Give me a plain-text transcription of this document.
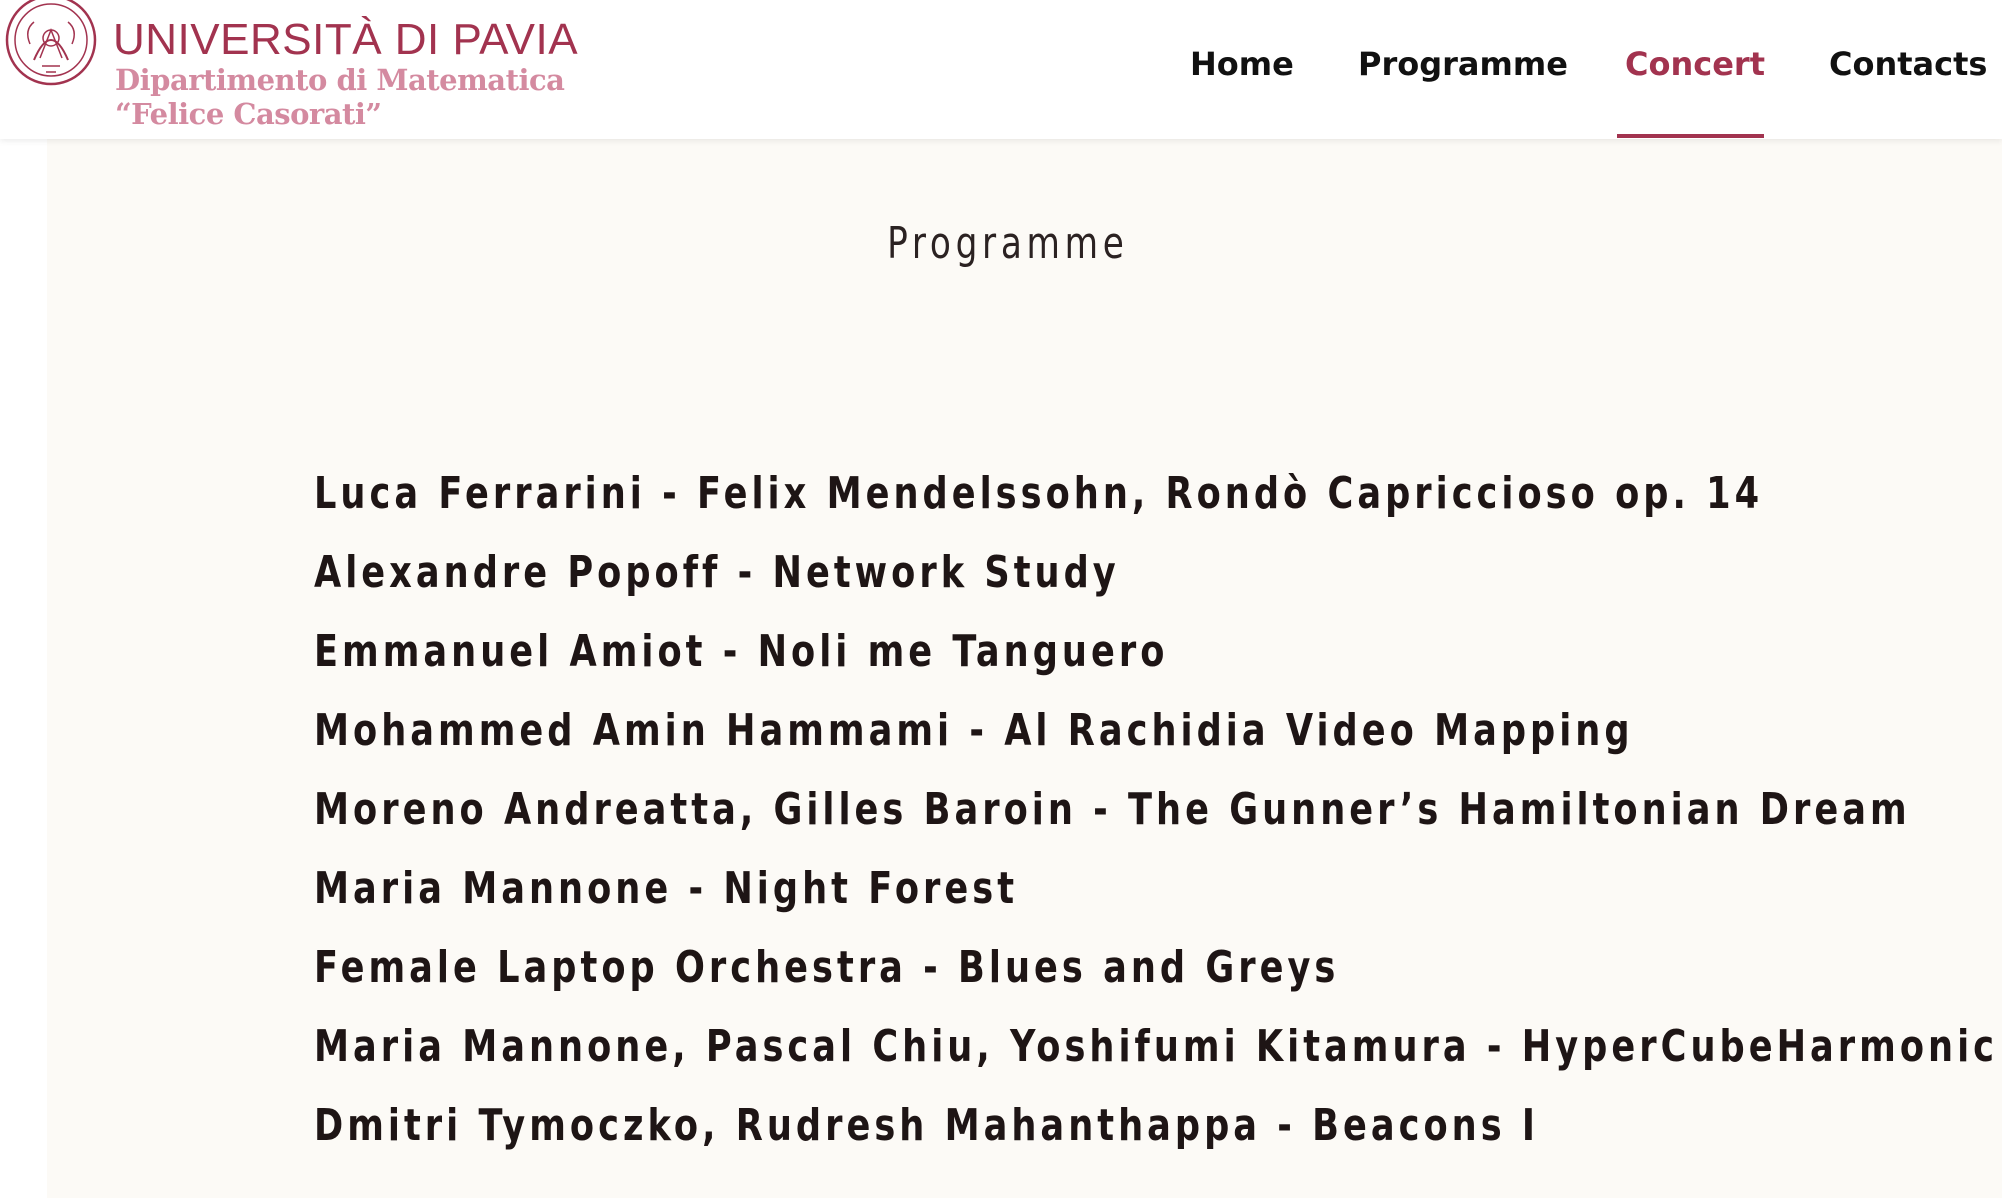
UNIVERSITÀ DI PAVIA
Dipartimento di Matematica
“Felice Casorati”
Home Programme Concert Contacts
Programme
Luca Ferrarini - Felix Mendelssohn, Rondò Capriccioso op. 14
Alexandre Popoff - Network Study
Emmanuel Amiot - Noli me Tanguero
Mohammed Amin Hammami - Al Rachidia Video Mapping
Moreno Andreatta, Gilles Baroin - The Gunner’s Hamiltonian Dream
Maria Mannone - Night Forest
Female Laptop Orchestra - Blues and Greys
Maria Mannone, Pascal Chiu, Yoshifumi Kitamura - HyperCubeHarmonic
Dmitri Tymoczko, Rudresh Mahanthappa - Beacons I
